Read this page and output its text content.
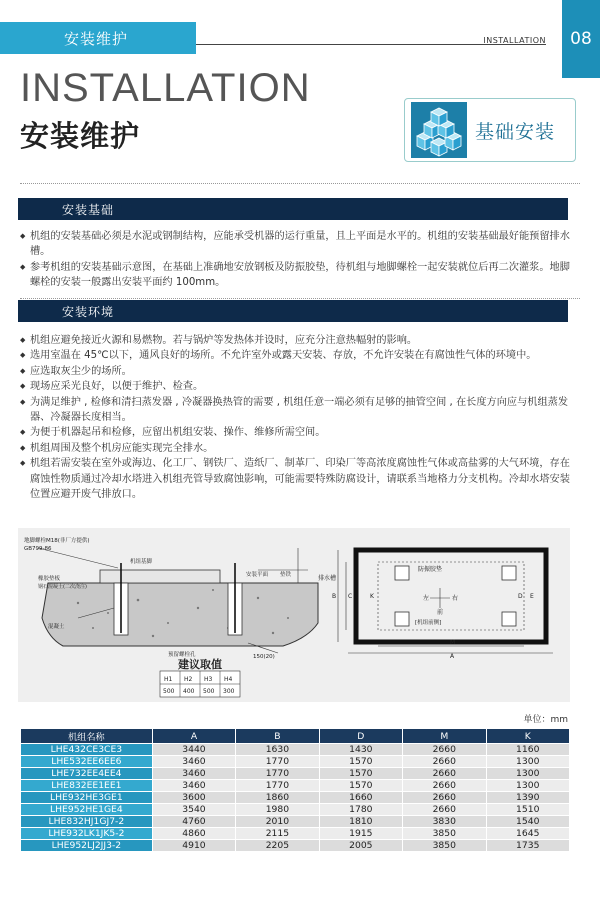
安装维护	INSTALLATION	08
INSTALLATION
安装维护	基础安装
安装基础
◆ 机组的安装基础必须是水泥或钢制结构，应能承受机器的运行重量，且上平面是水平的。机组的安装基础最好能预留排水槽。
◆ 参考机组的安装基础示意图，在基础上准确地安放钢板及防振胶垫，待机组与地脚螺栓一起安装就位后再二次灌浆。地脚螺栓的安装一般露出安装平面约 100mm。
安装环境
◆ 机组应避免接近火源和易燃物。若与锅炉等发热体并设时，应充分注意热幅射的影响。
◆ 选用室温在 45℃以下，通风良好的场所。不允许室外或露天安装、存放，不允许安装在有腐蚀性气体的环境中。
◆ 应选取灰尘少的场所。
◆ 现场应采光良好，以便于维护、检查。
◆ 为满足维护 , 检修和清扫蒸发器 , 冷凝器换热管的需要 , 机组任意一端必须有足够的抽管空间 , 在长度方向应与机组蒸发器、冷凝器长度相当。
◆ 为便于机器起吊和检修，应留出机组安装、操作、维修所需空间。
◆ 机组周围及整个机房应能实现完全排水。
◆ 机组若需安装在室外或海边、化工厂、钢铁厂、造纸厂、制革厂、印染厂等高浓度腐蚀性气体或高盐雾的大气环境，存在腐蚀性物质通过冷却水塔进入机组壳管导致腐蚀影响，可能需要特殊防腐设计，请联系当地格力分支机构。冷却水塔安装位置应避开废气排放口。
地脚螺栓M18(非厂方提供)
GB799-86
机组基脚
橡胶垫板
钢石混凝土(二次浇注)
安装平面 垫铁
混凝土
150(20)
预留螺栓孔
建议取值
H1 H2 H3 H4
500 400 500 300
排水槽
防振胶垫
[机组前侧]
A
M
B C	K	D E
左	右
前
单位：mm
机组名称	A	B	D	M	K
LHE432CE3CE3	3440	1630	1430	2660	1160
LHE532EE6EE6	3460	1770	1570	2660	1300
LHE732EE4EE4	3460	1770	1570	2660	1300
LHE832EE1EE1	3460	1770	1570	2660	1300
LHE932HE3GE1	3600	1860	1660	2660	1390
LHE952HE1GE4	3540	1980	1780	2660	1510
LHE832HJ1GJ7-2	4760	2010	1810	3830	1540
LHE932LK1JK5-2	4860	2115	1915	3850	1645
LHE952LJ2JJ3-2	4910	2205	2005	3850	1735
